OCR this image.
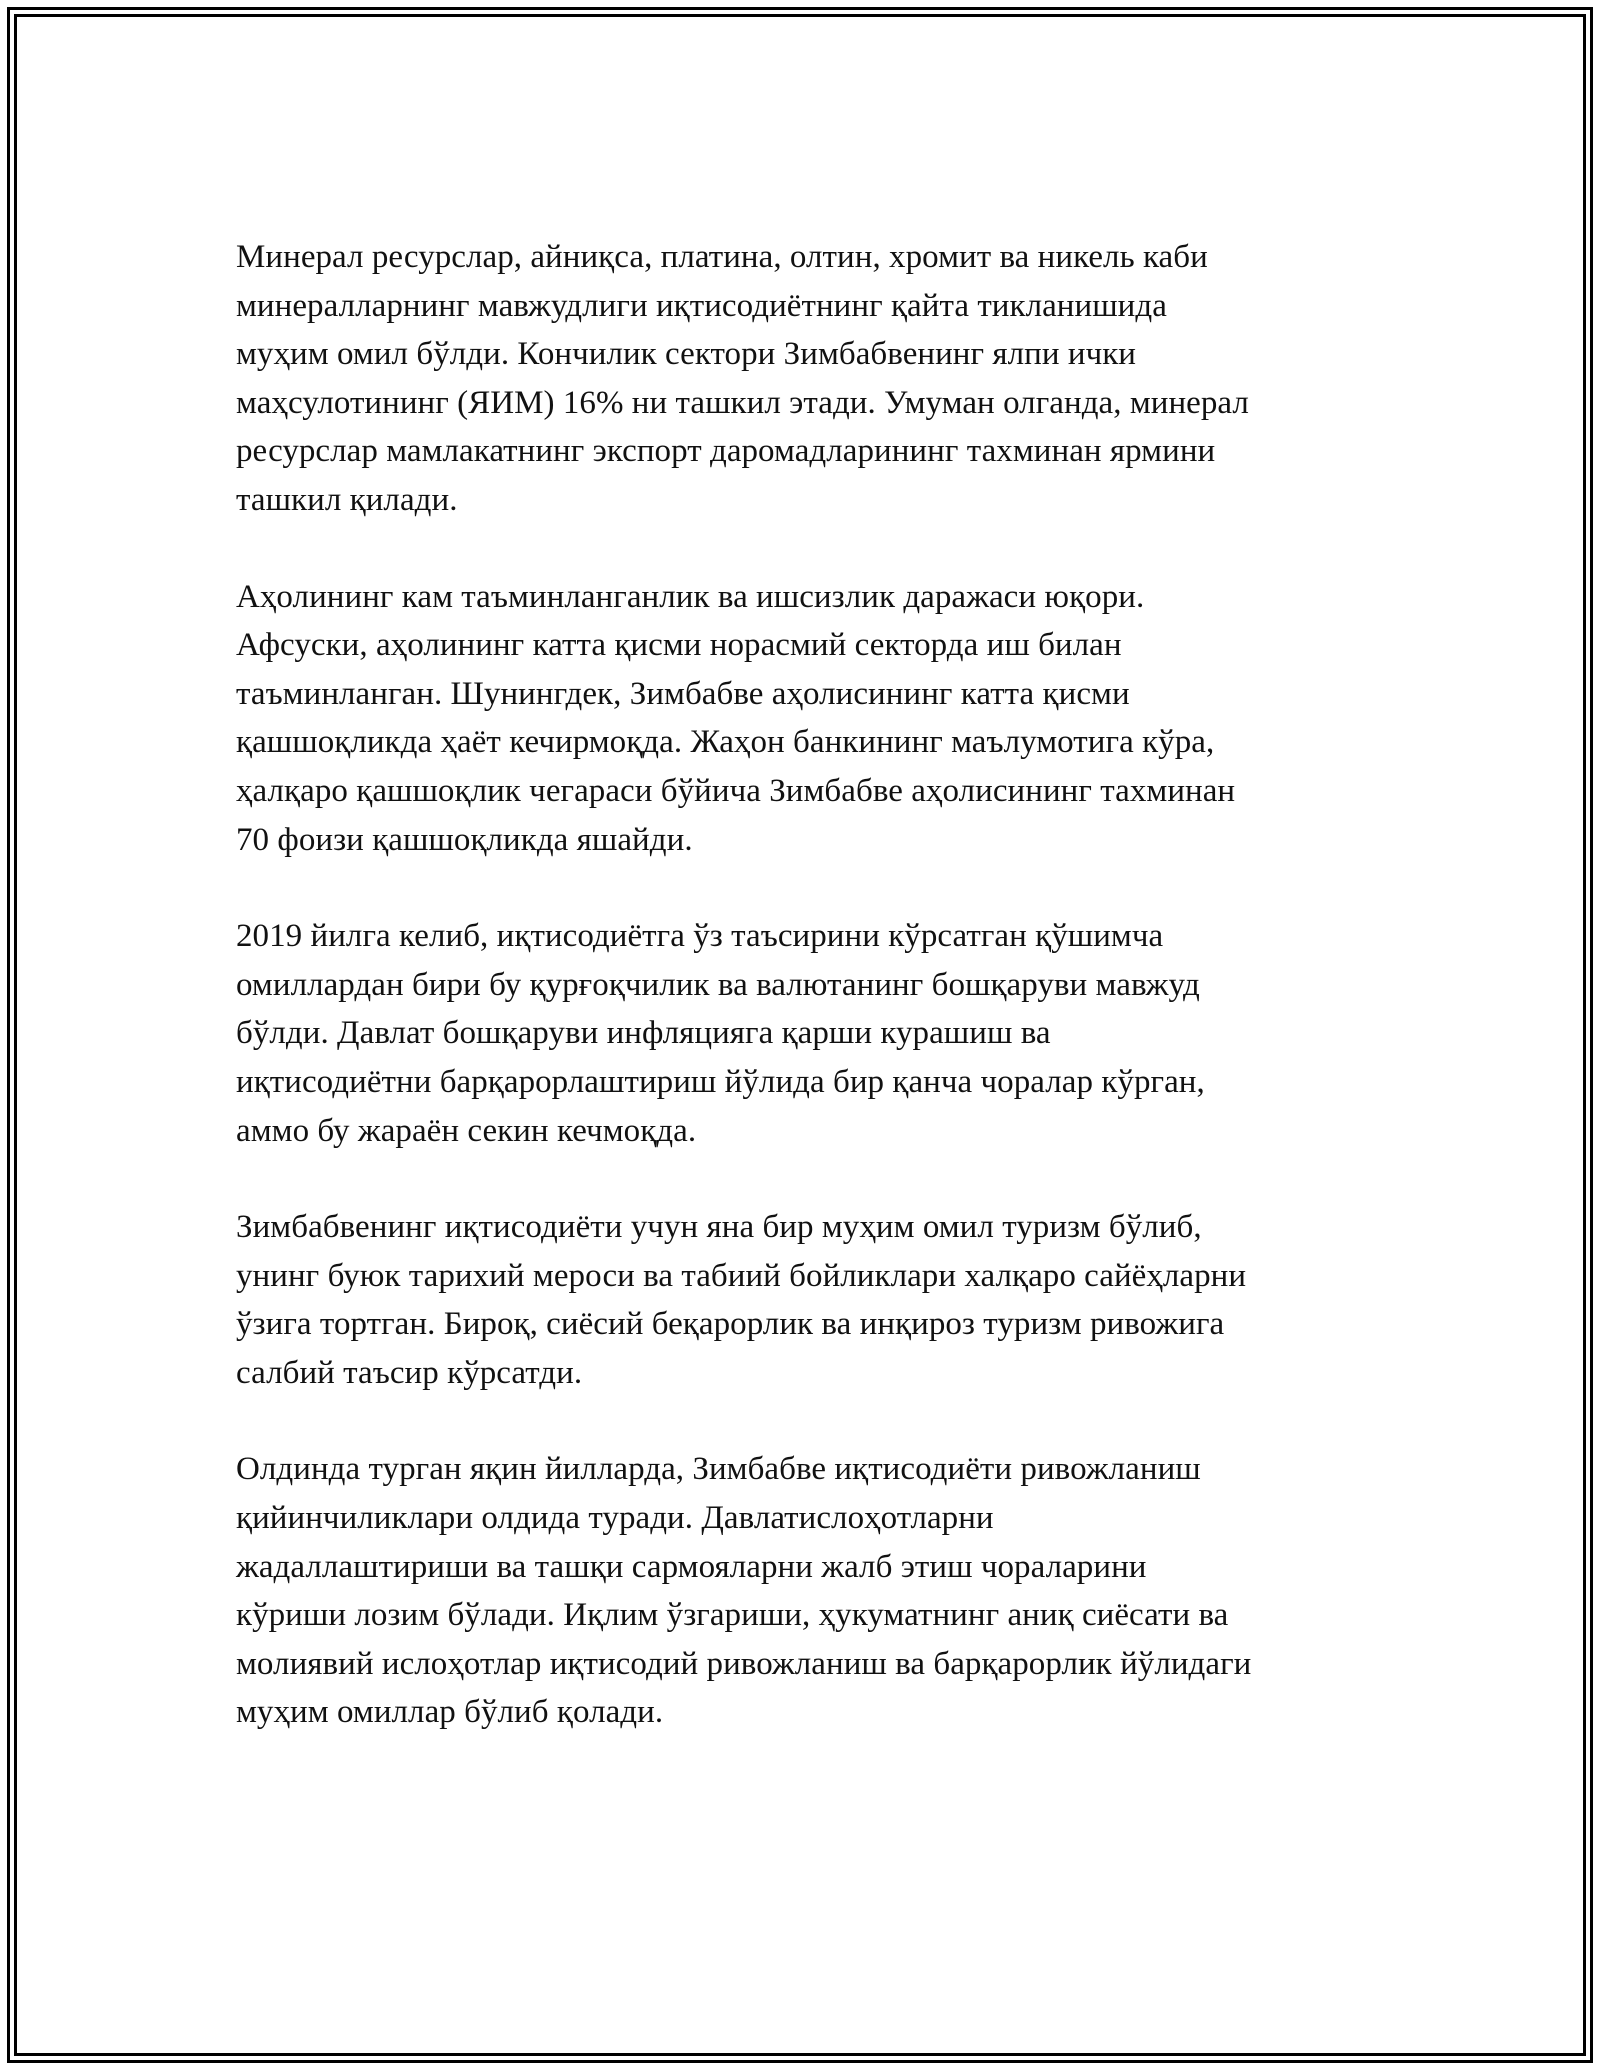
Минерал ресурслар, айниқса, платина, олтин, хромит ва никель каби
минералларнинг мавжудлиги иқтисодиётнинг қайта тикланишида
муҳим омил бўлди. Кончилик сектори Зимбабвенинг ялпи ички
маҳсулотининг (ЯИМ) 16% ни ташкил этади. Умуман олганда, минерал
ресурслар мамлакатнинг экспорт даромадларининг тахминан ярмини
ташкил қилади.

Аҳолининг кам таъминланганлик ва ишсизлик даражаси юқори.
Афсуски, аҳолининг катта қисми норасмий секторда иш билан
таъминланган. Шунингдек, Зимбабве аҳолисининг катта қисми
қашшоқликда ҳаёт кечирмоқда. Жаҳон банкининг маълумотига кўра,
ҳалқаро қашшоқлик чегараси бўйича Зимбабве аҳолисининг тахминан
70 фоизи қашшоқликда яшайди.

2019 йилга келиб, иқтисодиётга ўз таъсирини кўрсатган қўшимча
омиллардан бири бу қурғоқчилик ва валютанинг бошқаруви мавжуд
бўлди. Давлат бошқаруви инфляцияга қарши курашиш ва
иқтисодиётни барқарорлаштириш йўлида бир қанча чоралар кўрган,
аммо бу жараён секин кечмоқда.

Зимбабвенинг иқтисодиёти учун яна бир муҳим омил туризм бўлиб,
унинг буюк тарихий мероси ва табиий бойликлари халқаро сайёҳларни
ўзига тортган. Бироқ, сиёсий беқарорлик ва инқироз туризм ривожига
салбий таъсир кўрсатди.

Олдинда турган яқин йилларда, Зимбабве иқтисодиёти ривожланиш
қийинчиликлари олдида туради. Давлатислоҳотларни
жадаллаштириши ва ташқи сармояларни жалб этиш чораларини
кўриши лозим бўлади. Иқлим ўзгариши, ҳукуматнинг аниқ сиёсати ва
молиявий ислоҳотлар иқтисодий ривожланиш ва барқарорлик йўлидаги
муҳим омиллар бўлиб қолади.
